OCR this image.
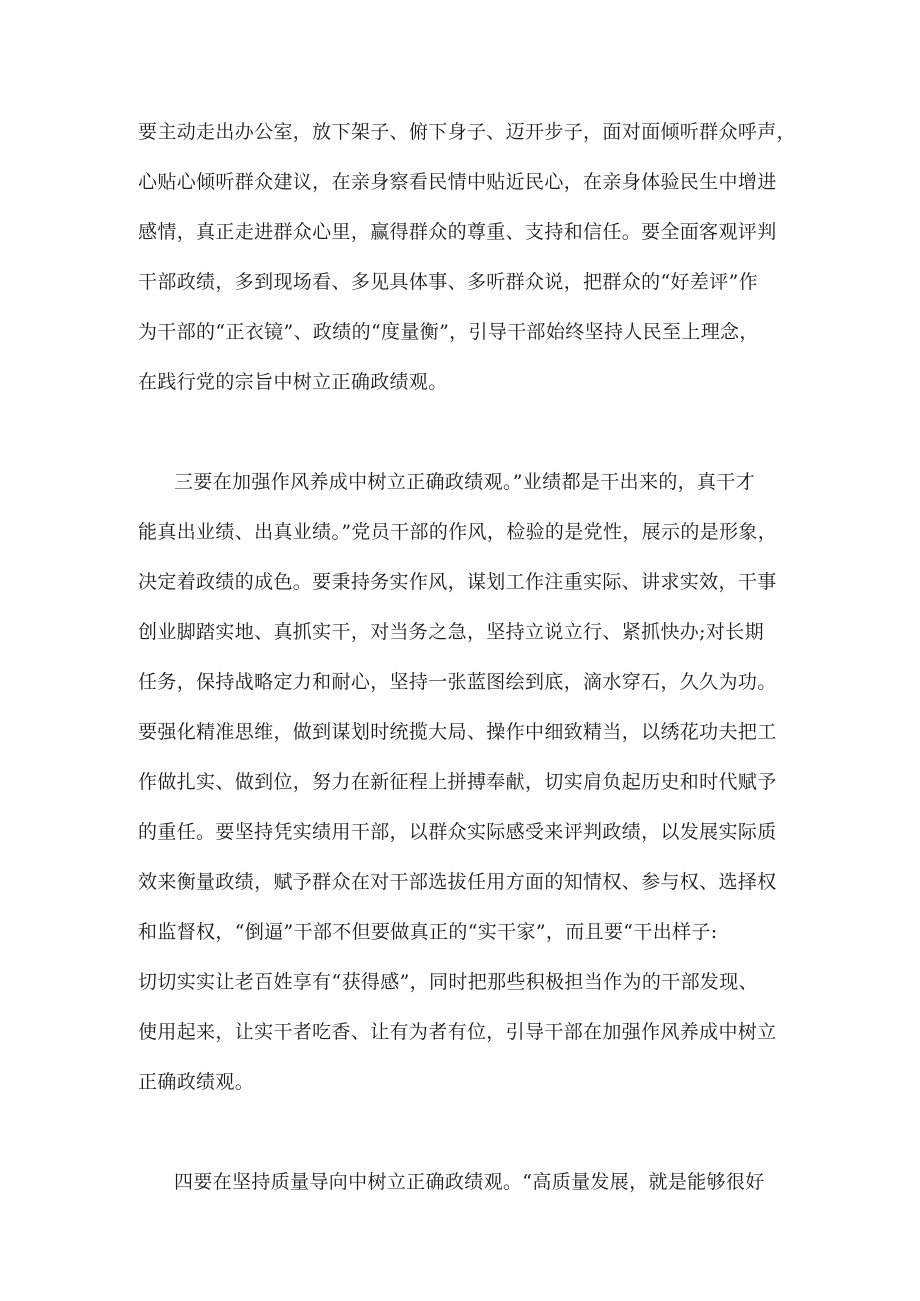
要主动走出办公室，放下架子、俯下身子、迈开步子，面对面倾听群众呼声，

心贴心倾听群众建议，在亲身察看民情中贴近民心，在亲身体验民生中增进

感情，真正走进群众心里，赢得群众的尊重、支持和信任。要全面客观评判

干部政绩，多到现场看、多见具体事、多听群众说，把群众的“好差评”作

为干部的“正衣镜”、政绩的“度量衡”，引导干部始终坚持人民至上理念，

在践行党的宗旨中树立正确政绩观。

三要在加强作风养成中树立正确政绩观。”业绩都是干出来的，真干才

能真出业绩、出真业绩。”党员干部的作风，检验的是党性，展示的是形象，

决定着政绩的成色。要秉持务实作风，谋划工作注重实际、讲求实效，干事

创业脚踏实地、真抓实干，对当务之急，坚持立说立行、紧抓快办;对长期

任务，保持战略定力和耐心，坚持一张蓝图绘到底，滴水穿石，久久为功。

要强化精准思维，做到谋划时统揽大局、操作中细致精当，以绣花功夫把工

作做扎实、做到位，努力在新征程上拼搏奉献，切实肩负起历史和时代赋予

的重任。要坚持凭实绩用干部，以群众实际感受来评判政绩，以发展实际质

效来衡量政绩，赋予群众在对干部选拔任用方面的知情权、参与权、选择权

和监督权，“倒逼”干部不但要做真正的“实干家”，而且要“干出样子:

切切实实让老百姓享有“获得感”，同时把那些积极担当作为的干部发现、

使用起来，让实干者吃香、让有为者有位，引导干部在加强作风养成中树立

正确政绩观。

四要在坚持质量导向中树立正确政绩观。“高质量发展，就是能够很好
